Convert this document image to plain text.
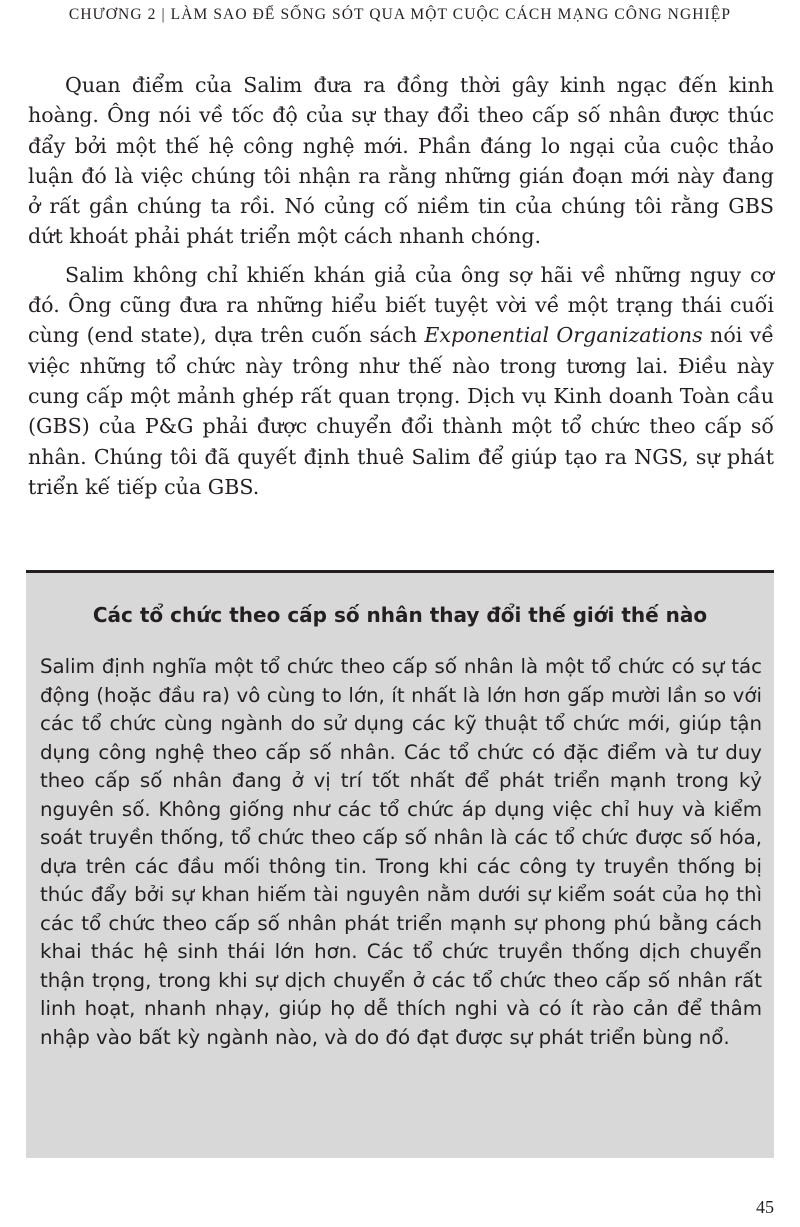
CHƯƠNG 2 | LÀM SAO ĐỂ SỐNG SÓT QUA MỘT CUỘC CÁCH MẠNG CÔNG NGHIỆP

Quan điểm của Salim đưa ra đồng thời gây kinh ngạc đến kinh hoàng. Ông nói về tốc độ của sự thay đổi theo cấp số nhân được thúc đẩy bởi một thế hệ công nghệ mới. Phần đáng lo ngại của cuộc thảo luận đó là việc chúng tôi nhận ra rằng những gián đoạn mới này đang ở rất gần chúng ta rồi. Nó củng cố niềm tin của chúng tôi rằng GBS dứt khoát phải phát triển một cách nhanh chóng.

Salim không chỉ khiến khán giả của ông sợ hãi về những nguy cơ đó. Ông cũng đưa ra những hiểu biết tuyệt vời về một trạng thái cuối cùng (end state), dựa trên cuốn sách Exponential Organizations nói về việc những tổ chức này trông như thế nào trong tương lai. Điều này cung cấp một mảnh ghép rất quan trọng. Dịch vụ Kinh doanh Toàn cầu (GBS) của P&G phải được chuyển đổi thành một tổ chức theo cấp số nhân. Chúng tôi đã quyết định thuê Salim để giúp tạo ra NGS, sự phát triển kế tiếp của GBS.

Các tổ chức theo cấp số nhân thay đổi thế giới thế nào

Salim định nghĩa một tổ chức theo cấp số nhân là một tổ chức có sự tác động (hoặc đầu ra) vô cùng to lớn, ít nhất là lớn hơn gấp mười lần so với các tổ chức cùng ngành do sử dụng các kỹ thuật tổ chức mới, giúp tận dụng công nghệ theo cấp số nhân. Các tổ chức có đặc điểm và tư duy theo cấp số nhân đang ở vị trí tốt nhất để phát triển mạnh trong kỷ nguyên số. Không giống như các tổ chức áp dụng việc chỉ huy và kiểm soát truyền thống, tổ chức theo cấp số nhân là các tổ chức được số hóa, dựa trên các đầu mối thông tin. Trong khi các công ty truyền thống bị thúc đẩy bởi sự khan hiếm tài nguyên nằm dưới sự kiểm soát của họ thì các tổ chức theo cấp số nhân phát triển mạnh sự phong phú bằng cách khai thác hệ sinh thái lớn hơn. Các tổ chức truyền thống dịch chuyển thận trọng, trong khi sự dịch chuyển ở các tổ chức theo cấp số nhân rất linh hoạt, nhanh nhạy, giúp họ dễ thích nghi và có ít rào cản để thâm nhập vào bất kỳ ngành nào, và do đó đạt được sự phát triển bùng nổ.

45
